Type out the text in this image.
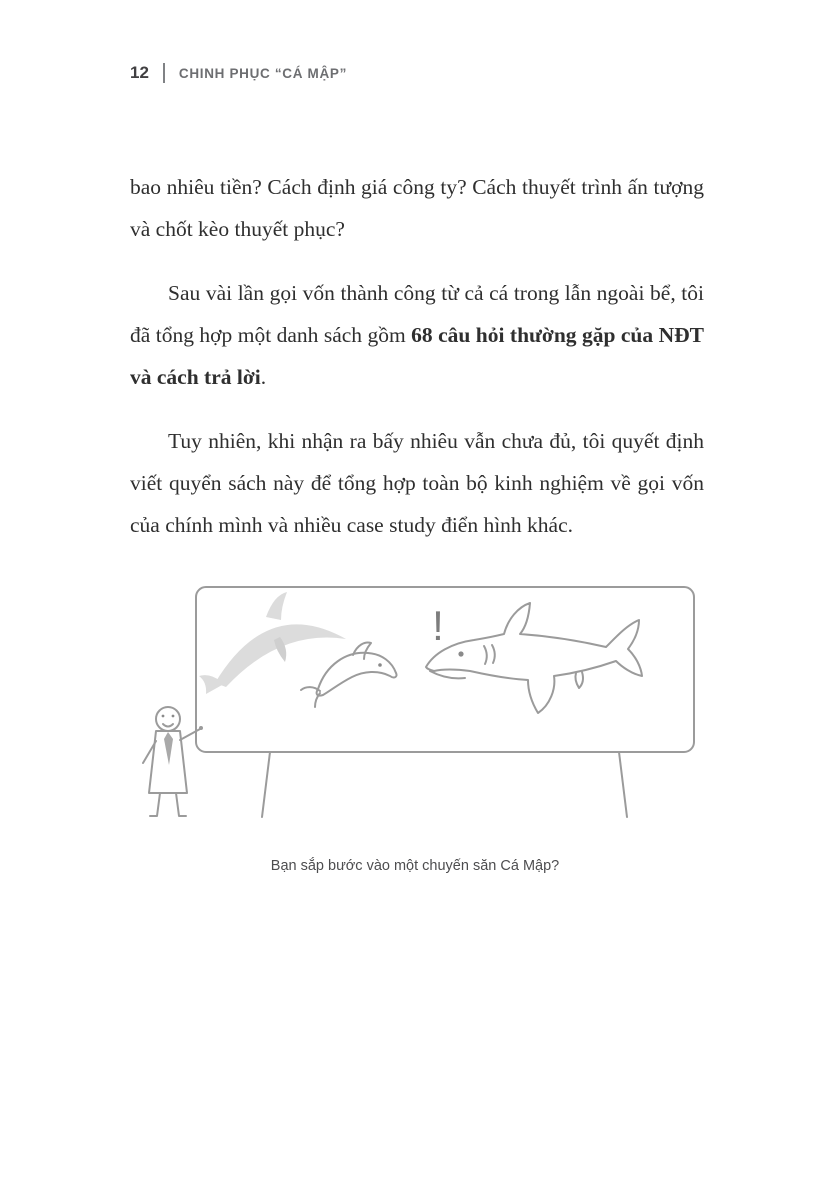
12 CHINH PHỤC “CÁ MẬP”

bao nhiêu tiền? Cách định giá công ty? Cách thuyết trình ấn tượng và chốt kèo thuyết phục?

Sau vài lần gọi vốn thành công từ cả cá trong lẫn ngoài bể, tôi đã tổng hợp một danh sách gồm 68 câu hỏi thường gặp của NĐT và cách trả lời.

Tuy nhiên, khi nhận ra bấy nhiêu vẫn chưa đủ, tôi quyết định viết quyển sách này để tổng hợp toàn bộ kinh nghiệm về gọi vốn của chính mình và nhiều case study điển hình khác.

!
Bạn sắp bước vào một chuyến săn Cá Mập?
